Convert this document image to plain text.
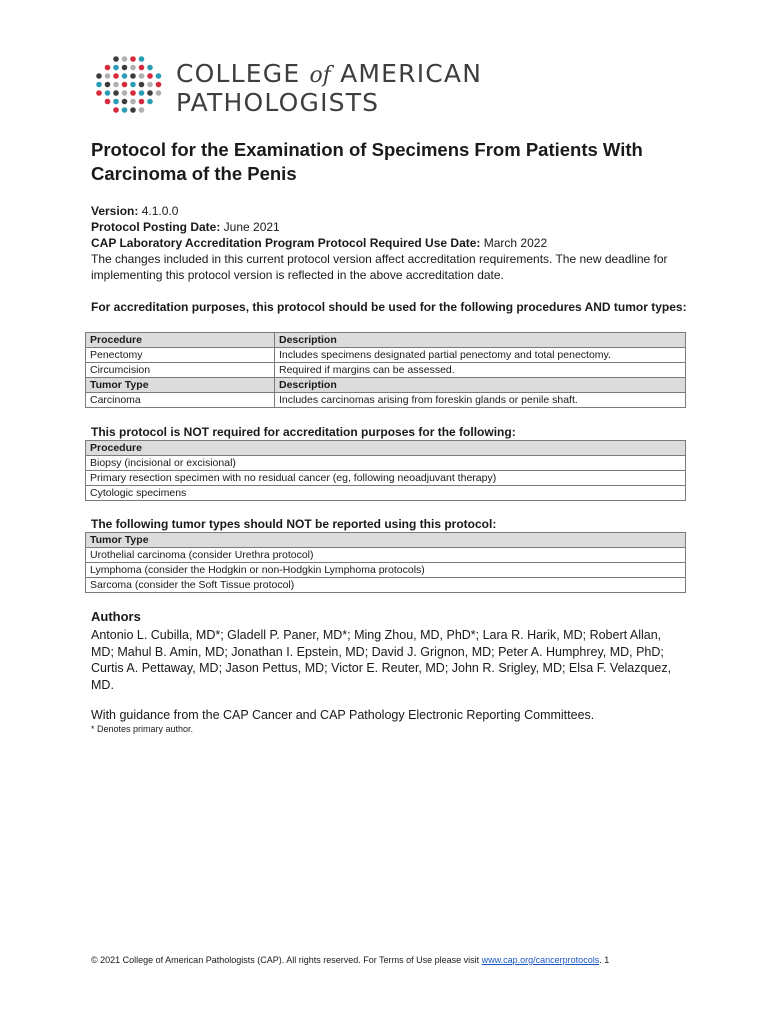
COLLEGE of AMERICAN
PATHOLOGISTS
Protocol for the Examination of Specimens From Patients With Carcinoma of the Penis

Version: 4.1.0.0

Protocol Posting Date: June 2021

CAP Laboratory Accreditation Program Protocol Required Use Date: March 2022

The changes included in this current protocol version affect accreditation requirements. The new deadline for implementing this protocol version is reflected in the above accreditation date.

For accreditation purposes, this protocol should be used for the following procedures AND tumor types:
Procedure	Description
Penectomy	Includes specimens designated partial penectomy and total penectomy.
Circumcision	Required if margins can be assessed.
Tumor Type	Description
Carcinoma	Includes carcinomas arising from foreskin glands or penile shaft.
This protocol is NOT required for accreditation purposes for the following:
Procedure
Biopsy (incisional or excisional)
Primary resection specimen with no residual cancer (eg, following neoadjuvant therapy)
Cytologic specimens
The following tumor types should NOT be reported using this protocol:
Tumor Type
Urothelial carcinoma (consider Urethra protocol)
Lymphoma (consider the Hodgkin or non-Hodgkin Lymphoma protocols)
Sarcoma (consider the Soft Tissue protocol)
Authors
Antonio L. Cubilla, MD*; Gladell P. Paner, MD*; Ming Zhou, MD, PhD*; Lara R. Harik, MD; Robert Allan, MD; Mahul B. Amin, MD; Jonathan I. Epstein, MD; David J. Grignon, MD; Peter A. Humphrey, MD, PhD; Curtis A. Pettaway, MD; Jason Pettus, MD; Victor E. Reuter, MD; John R. Srigley, MD; Elsa F. Velazquez, MD.
With guidance from the CAP Cancer and CAP Pathology Electronic Reporting Committees.
* Denotes primary author.
© 2021 College of American Pathologists (CAP). All rights reserved. For Terms of Use please visit www.cap.org/cancerprotocols. 1
